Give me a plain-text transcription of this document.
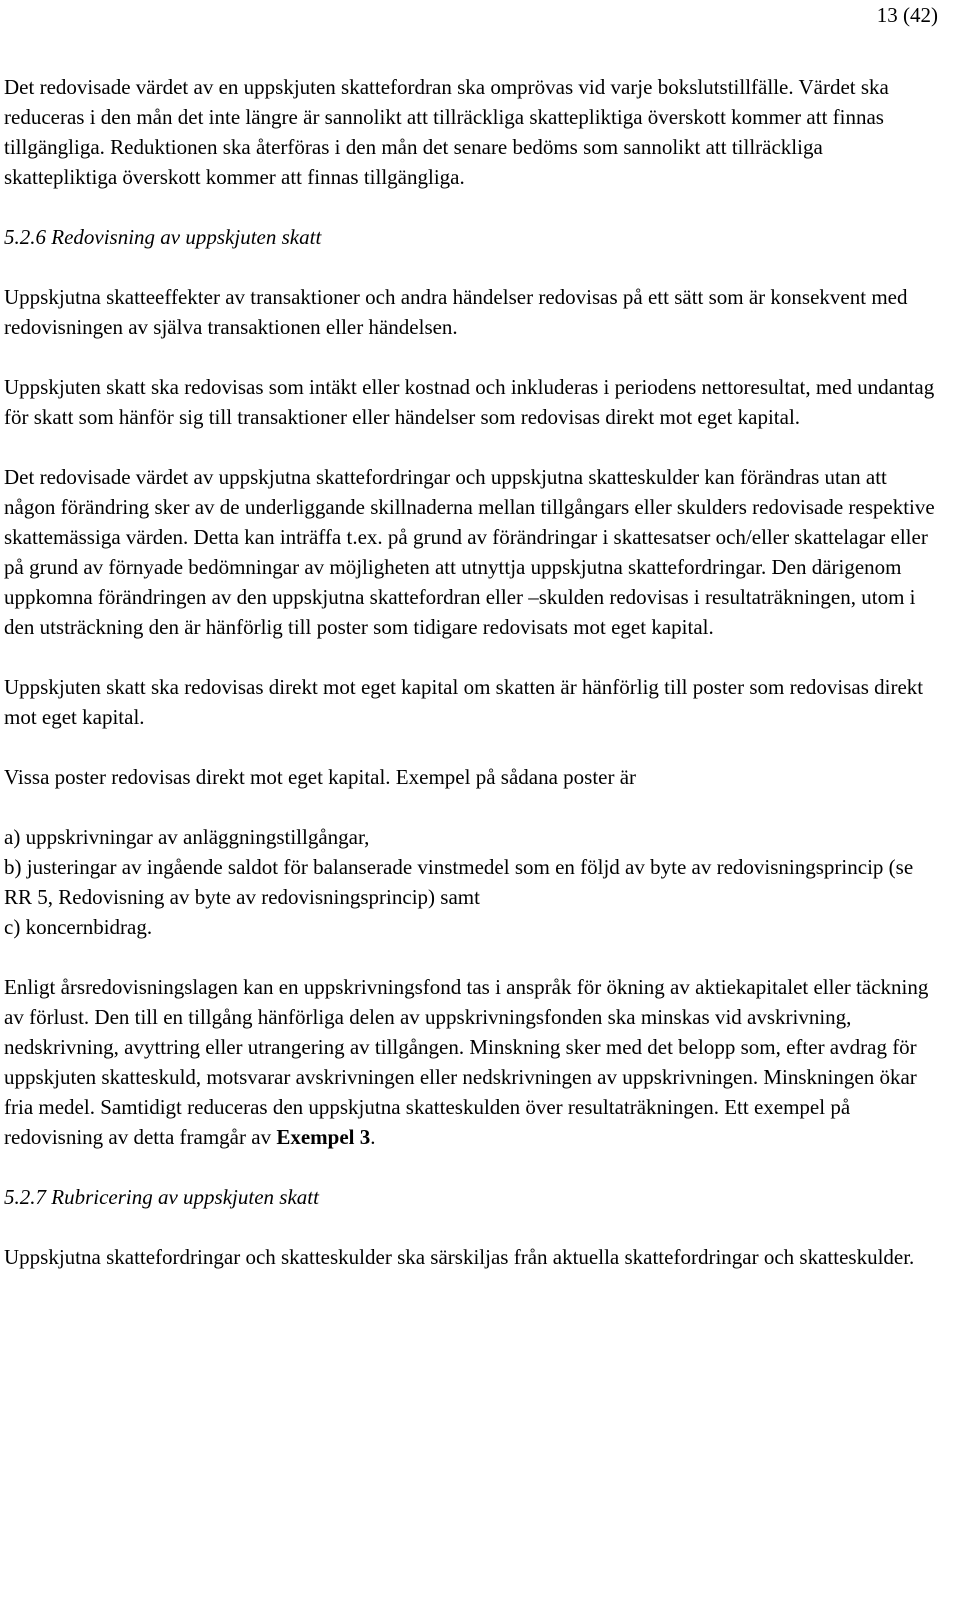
13 (42)

Det redovisade värdet av en uppskjuten skattefordran ska omprövas vid varje bokslutstillfälle. Värdet ska reduceras i den mån det inte längre är sannolikt att tillräckliga skattepliktiga överskott kommer att finnas tillgängliga. Reduktionen ska återföras i den mån det senare bedöms som sannolikt att tillräckliga skattepliktiga överskott kommer att finnas tillgängliga.

5.2.6 Redovisning av uppskjuten skatt

Uppskjutna skatteeffekter av transaktioner och andra händelser redovisas på ett sätt som är konsekvent med redovisningen av själva transaktionen eller händelsen.

Uppskjuten skatt ska redovisas som intäkt eller kostnad och inkluderas i periodens nettoresultat, med undantag för skatt som hänför sig till transaktioner eller händelser som redovisas direkt mot eget kapital.

Det redovisade värdet av uppskjutna skattefordringar och uppskjutna skatteskulder kan förändras utan att någon förändring sker av de underliggande skillnaderna mellan tillgångars eller skulders redovisade respektive skattemässiga värden. Detta kan inträffa t.ex. på grund av förändringar i skattesatser och/eller skattelagar eller på grund av förnyade bedömningar av möjligheten att utnyttja uppskjutna skattefordringar. Den därigenom uppkomna förändringen av den uppskjutna skattefordran eller –skulden redovisas i resultaträkningen, utom i den utsträckning den är hänförlig till poster som tidigare redovisats mot eget kapital.

Uppskjuten skatt ska redovisas direkt mot eget kapital om skatten är hänförlig till poster som redovisas direkt mot eget kapital.

Vissa poster redovisas direkt mot eget kapital. Exempel på sådana poster är

a) uppskrivningar av anläggningstillgångar,
b) justeringar av ingående saldot för balanserade vinstmedel som en följd av byte av redovisningsprincip (se RR 5, Redovisning av byte av redovisningsprincip) samt
c) koncernbidrag.

Enligt årsredovisningslagen kan en uppskrivningsfond tas i anspråk för ökning av aktiekapitalet eller täckning av förlust. Den till en tillgång hänförliga delen av uppskrivningsfonden ska minskas vid avskrivning, nedskrivning, avyttring eller utrangering av tillgången. Minskning sker med det belopp som, efter avdrag för uppskjuten skatteskuld, motsvarar avskrivningen eller nedskrivningen av uppskrivningen. Minskningen ökar fria medel. Samtidigt reduceras den uppskjutna skatteskulden över resultaträkningen. Ett exempel på redovisning av detta framgår av Exempel 3.

5.2.7 Rubricering av uppskjuten skatt

Uppskjutna skattefordringar och skatteskulder ska särskiljas från aktuella skattefordringar och skatteskulder.
